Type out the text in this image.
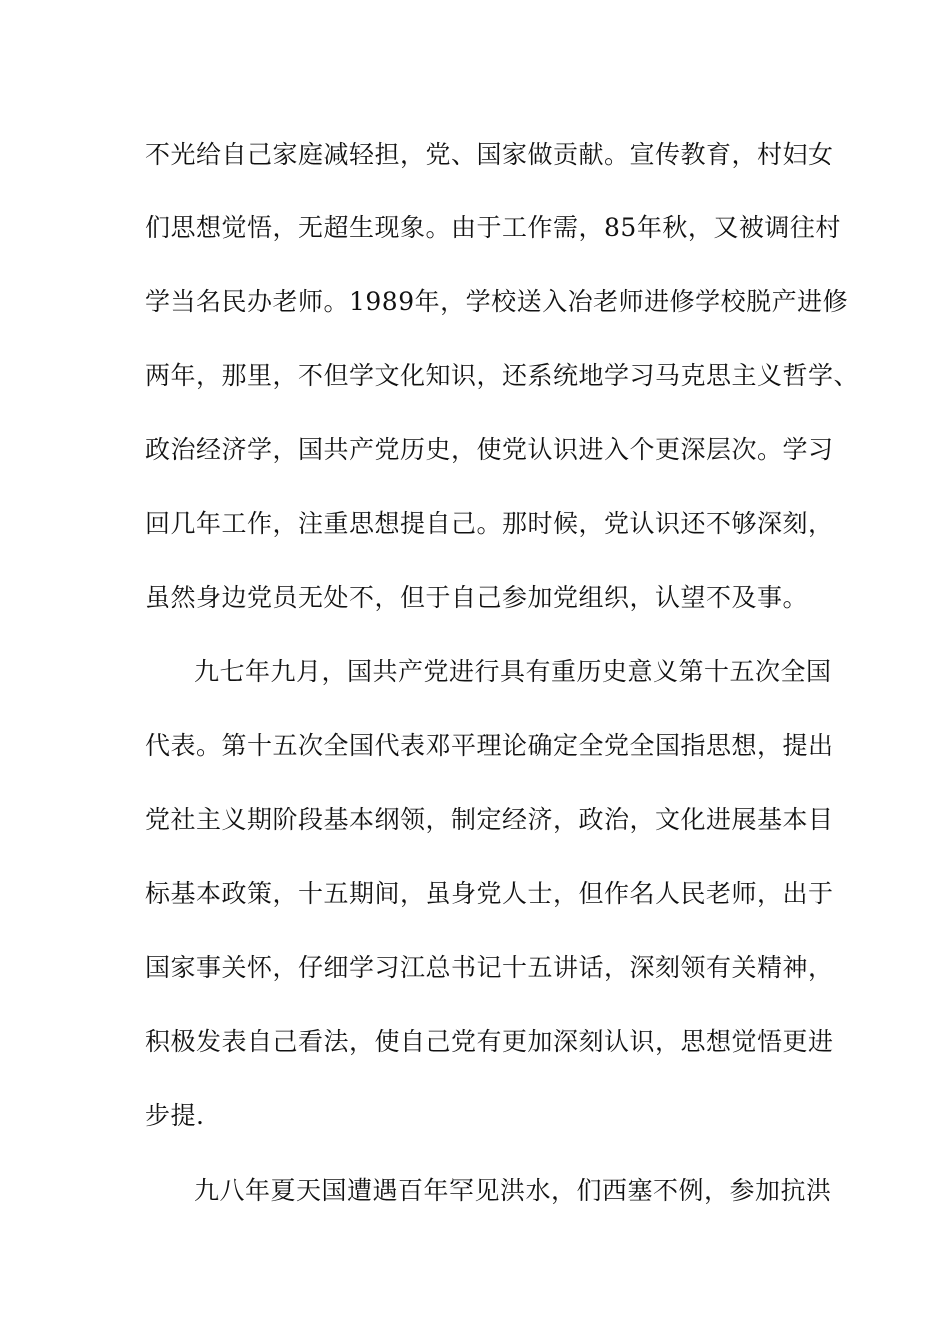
不光给自己家庭减轻担，党、国家做贡献。宣传教育，村妇女
们思想觉悟，无超生现象。由于工作需，85年秋，又被调往村
学当名民办老师。1989年，学校送入冶老师进修学校脱产进修
两年，那里，不但学文化知识，还系统地学习马克思主义哲学、
政治经济学，国共产党历史，使党认识进入个更深层次。学习
回几年工作，注重思想提自己。那时候，党认识还不够深刻，
虽然身边党员无处不，但于自己参加党组织，认望不及事。
九七年九月，国共产党进行具有重历史意义第十五次全国
代表。第十五次全国代表邓平理论确定全党全国指思想，提出
党社主义期阶段基本纲领，制定经济，政治，文化进展基本目
标基本政策，十五期间，虽身党人士，但作名人民老师，出于
国家事关怀，仔细学习江总书记十五讲话，深刻领有关精神，
积极发表自己看法，使自己党有更加深刻认识，思想觉悟更进
步提.
九八年夏天国遭遇百年罕见洪水，们西塞不例，参加抗洪
